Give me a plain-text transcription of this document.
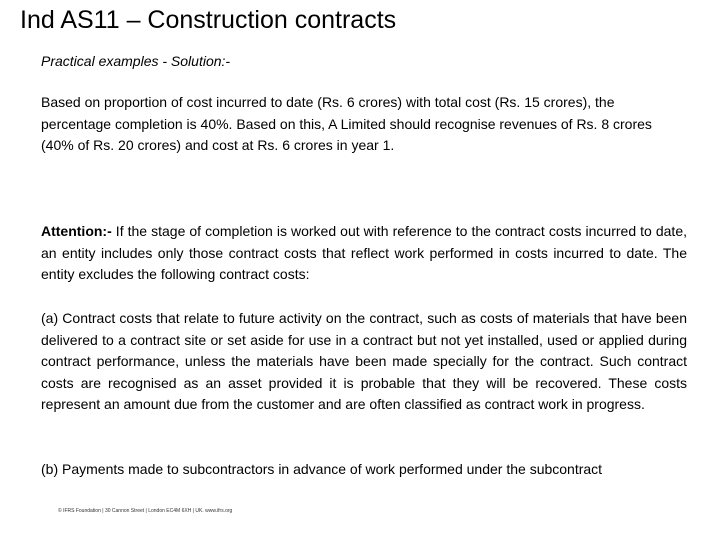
Ind AS11 – Construction contracts
Practical examples - Solution:-

Based on proportion of cost incurred to date (Rs. 6 crores) with total cost (Rs. 15 crores), the percentage completion is 40%. Based on this, A Limited should recognise revenues of Rs. 8 crores (40% of Rs. 20 crores) and cost at Rs. 6 crores in year 1.

Attention:- If the stage of completion is worked out with reference to the contract costs incurred to date, an entity includes only those contract costs that reflect work performed in costs incurred to date. The entity excludes the following contract costs:

(a) Contract costs that relate to future activity on the contract, such as costs of materials that have been delivered to a contract site or set aside for use in a contract but not yet installed, used or applied during contract performance, unless the materials have been made specially for the contract. Such contract costs are recognised as an asset provided it is probable that they will be recovered. These costs represent an amount due from the customer and are often classified as contract work in progress.

(b) Payments made to subcontractors in advance of work performed under the subcontract

© IFRS Foundation | 30 Cannon Street | London EC4M 6XH | UK. www.ifrs.org
